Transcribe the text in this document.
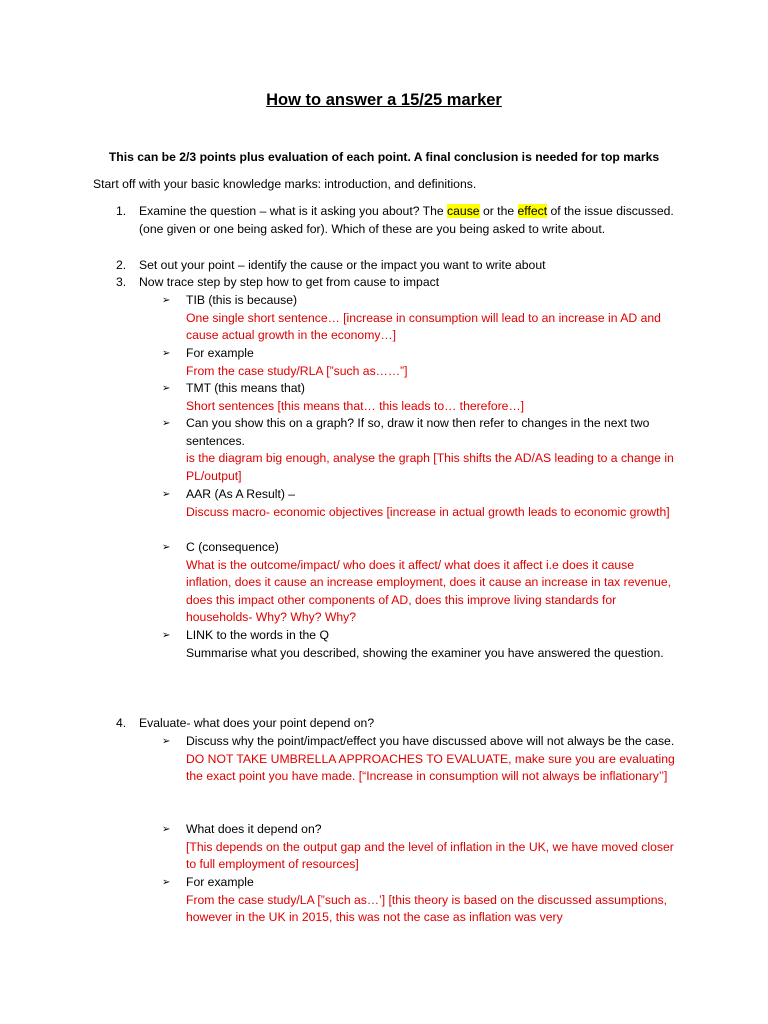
How to answer a 15/25 marker
This can be 2/3 points plus evaluation of each point. A final conclusion is needed for top marks
Start off with your basic knowledge marks: introduction, and definitions.
1.	Examine the question – what is it asking you about? The cause or the effect of the issue discussed. (one given or one being asked for). Which of these are you being asked to write about.
2.	Set out your point – identify the cause or the impact you want to write about
3.	Now trace step by step how to get from cause to impact
➢	TIB (this is because)
One single short sentence… [increase in consumption will lead to an increase in AD and cause actual growth in the economy…]
➢	For example
From the case study/RLA [”such as……”]
➢	TMT (this means that)
Short sentences [this means that… this leads to… therefore…]
➢	Can you show this on a graph? If so, draw it now then refer to changes in the next two sentences.
is the diagram big enough, analyse the graph [This shifts the AD/AS leading to a change in PL/output]
➢	AAR (As A Result) –
Discuss macro- economic objectives [increase in actual growth leads to economic growth]
➢	C (consequence)
What is the outcome/impact/ who does it affect/ what does it affect i.e does it cause inflation, does it cause an increase employment, does it cause an increase in tax revenue, does this impact other components of AD, does this improve living standards for households- Why? Why? Why?
➢	LINK to the words in the Q
Summarise what you described, showing the examiner you have answered the question.
4.	Evaluate- what does your point depend on?
➢	Discuss why the point/impact/effect you have discussed above will not always be the case.
DO NOT TAKE UMBRELLA APPROACHES TO EVALUATE, make sure you are evaluating the exact point you have made. [“Increase in consumption will not always be inflationary’’]
➢	What does it depend on?
[This depends on the output gap and the level of inflation in the UK, we have moved closer to full employment of resources]
➢	For example
From the case study/LA [”such as…’] [this theory is based on the discussed assumptions, however in the UK in 2015, this was not the case as inflation was very
